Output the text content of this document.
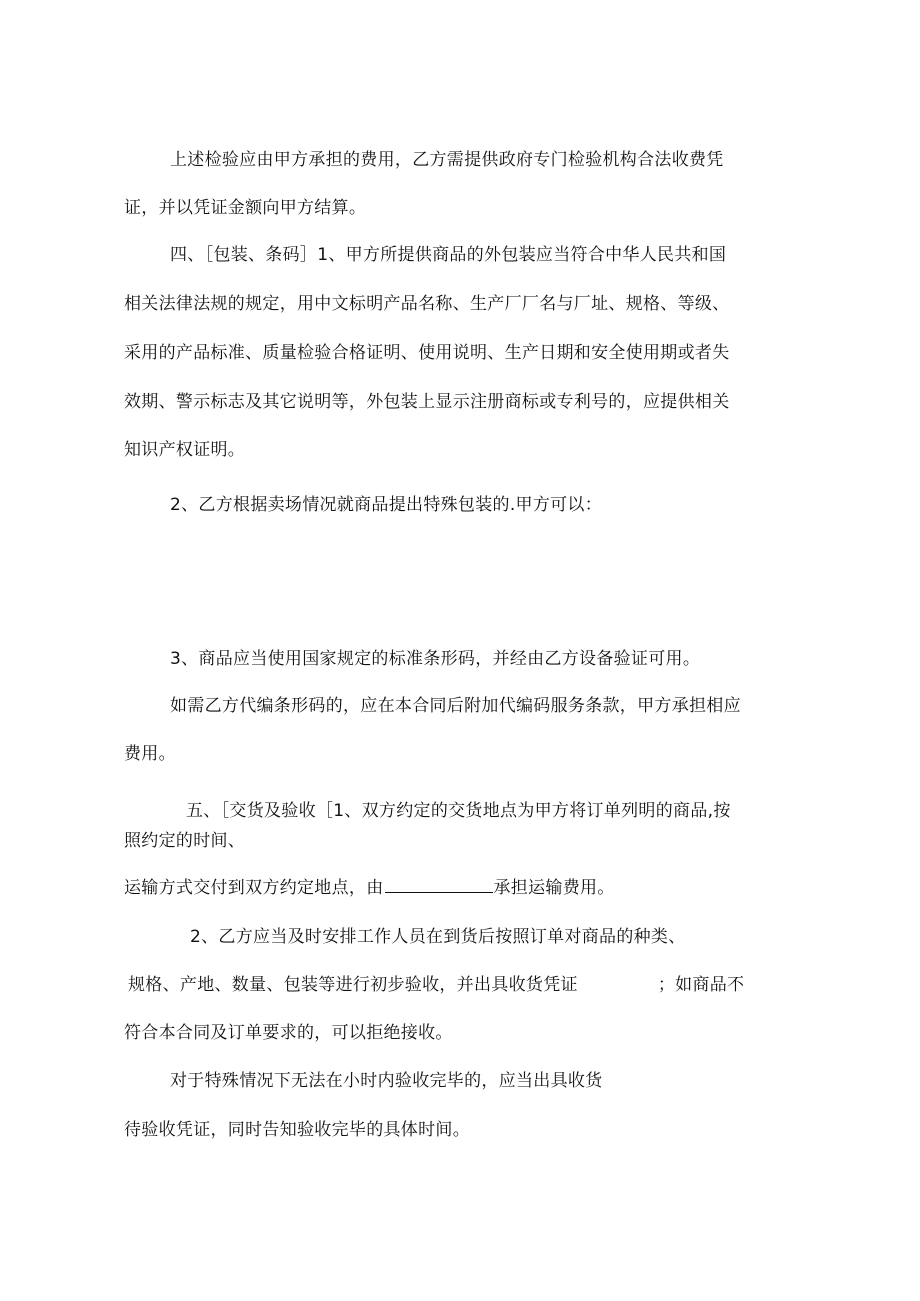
上述检验应由甲方承担的费用，乙方需提供政府专门检验机构合法收费凭
证，并以凭证金额向甲方结算。
四、［包装、条码］1、甲方所提供商品的外包装应当符合中华人民共和国
相关法律法规的规定，用中文标明产品名称、生产厂厂名与厂址、规格、等级、
采用的产品标准、质量检验合格证明、使用说明、生产日期和安全使用期或者失
效期、警示标志及其它说明等，外包装上显示注册商标或专利号的，应提供相关
知识产权证明。
2、乙方根据卖场情况就商品提出特殊包装的.甲方可以：
3、商品应当使用国家规定的标准条形码，并经由乙方设备验证可用。
如需乙方代编条形码的，应在本合同后附加代编码服务条款，甲方承担相应
费用。
五、［交货及验收［1、双方约定的交货地点为甲方将订单列明的商品,按
照约定的时间、
运输方式交付到双方约定地点，由	承担运输费用。
2、乙方应当及时安排工作人员在到货后按照订单对商品的种类、
规格、产地、数量、包装等进行初步验收，并出具收货凭证	；如商品不
符合本合同及订单要求的，可以拒绝接收。
对于特殊情况下无法在小时内验收完毕的，应当出具收货
待验收凭证，同时告知验收完毕的具体时间。
